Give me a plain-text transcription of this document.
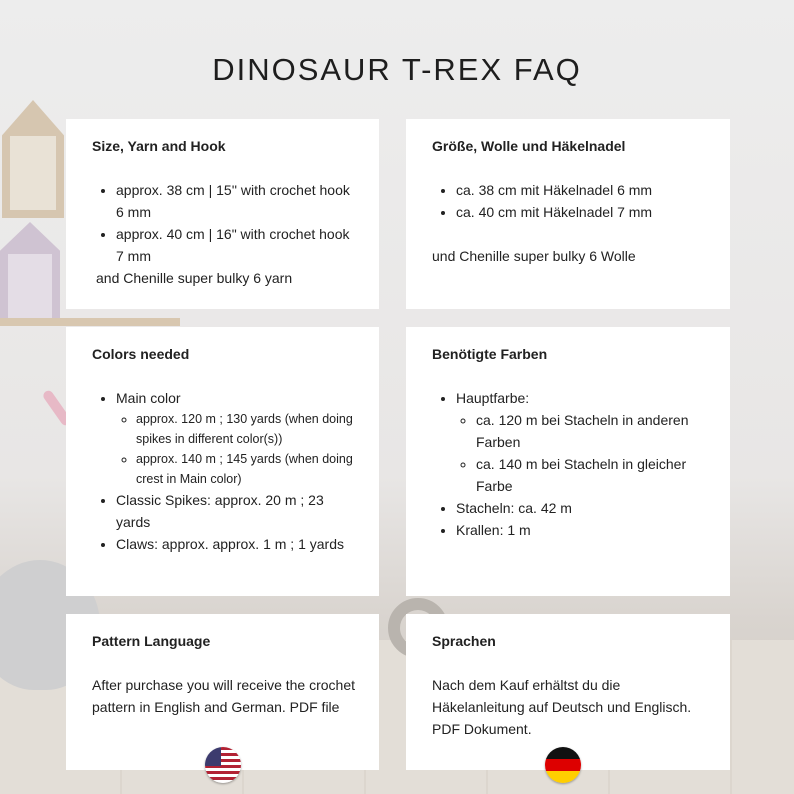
DINOSAUR T-REX FAQ
Size, Yarn and Hook
• approx. 38 cm | 15'' with crochet hook 6 mm
• approx. 40 cm | 16" with crochet hook 7 mm

and Chenille super bulky 6 yarn

Größe, Wolle und Häkelnadel
• ca. 38 cm mit Häkelnadel 6 mm
• ca. 40 cm mit Häkelnadel 7 mm

und Chenille super bulky 6 Wolle

Colors needed
• Main color
◦ approx. 120 m ; 130 yards (when doing spikes in different color(s))
◦ approx. 140 m ; 145 yards (when doing crest in Main color)
• Classic Spikes: approx. 20 m ; 23 yards
• Claws: approx. approx. 1 m ; 1 yards
Benötigte Farben
• Hauptfarbe:
◦ ca. 120 m bei Stacheln in anderen Farben
◦ ca. 140 m bei Stacheln in gleicher Farbe
• Stacheln: ca. 42 m
• Krallen: 1 m
Pattern Language

After purchase you will receive the crochet pattern in English and German. PDF file

Sprachen

Nach dem Kauf erhältst du die Häkelanleitung auf Deutsch und Englisch. PDF Dokument.
